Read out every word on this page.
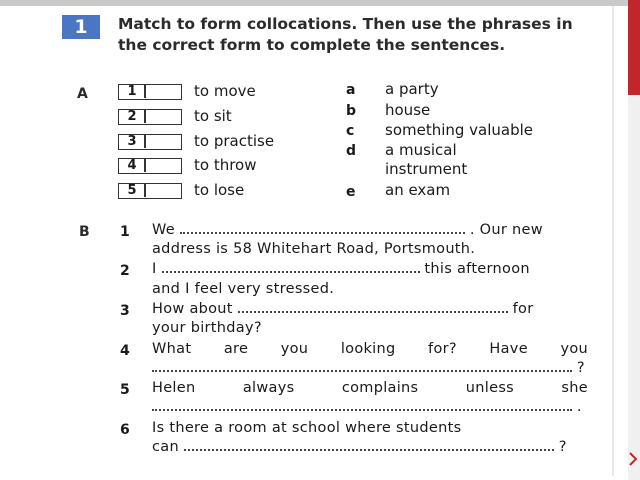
1	Match to form collocations. Then use the phrases in the correct form to complete the sentences.
A	1	to move
2	to sit
3	to practise
4	to throw
5	to lose
a a party
b house
c something valuable
d a musical instrument
e an exam
B 1 We	. Our new
address is 58 Whitehart Road, Portsmouth.
2 I	this afternoon
and I feel very stressed.
3 How about	for
your birthday?
4 What are you looking for? Have you
?
5 Helen always complains unless she
.
6 Is there a room at school where students
can	?
